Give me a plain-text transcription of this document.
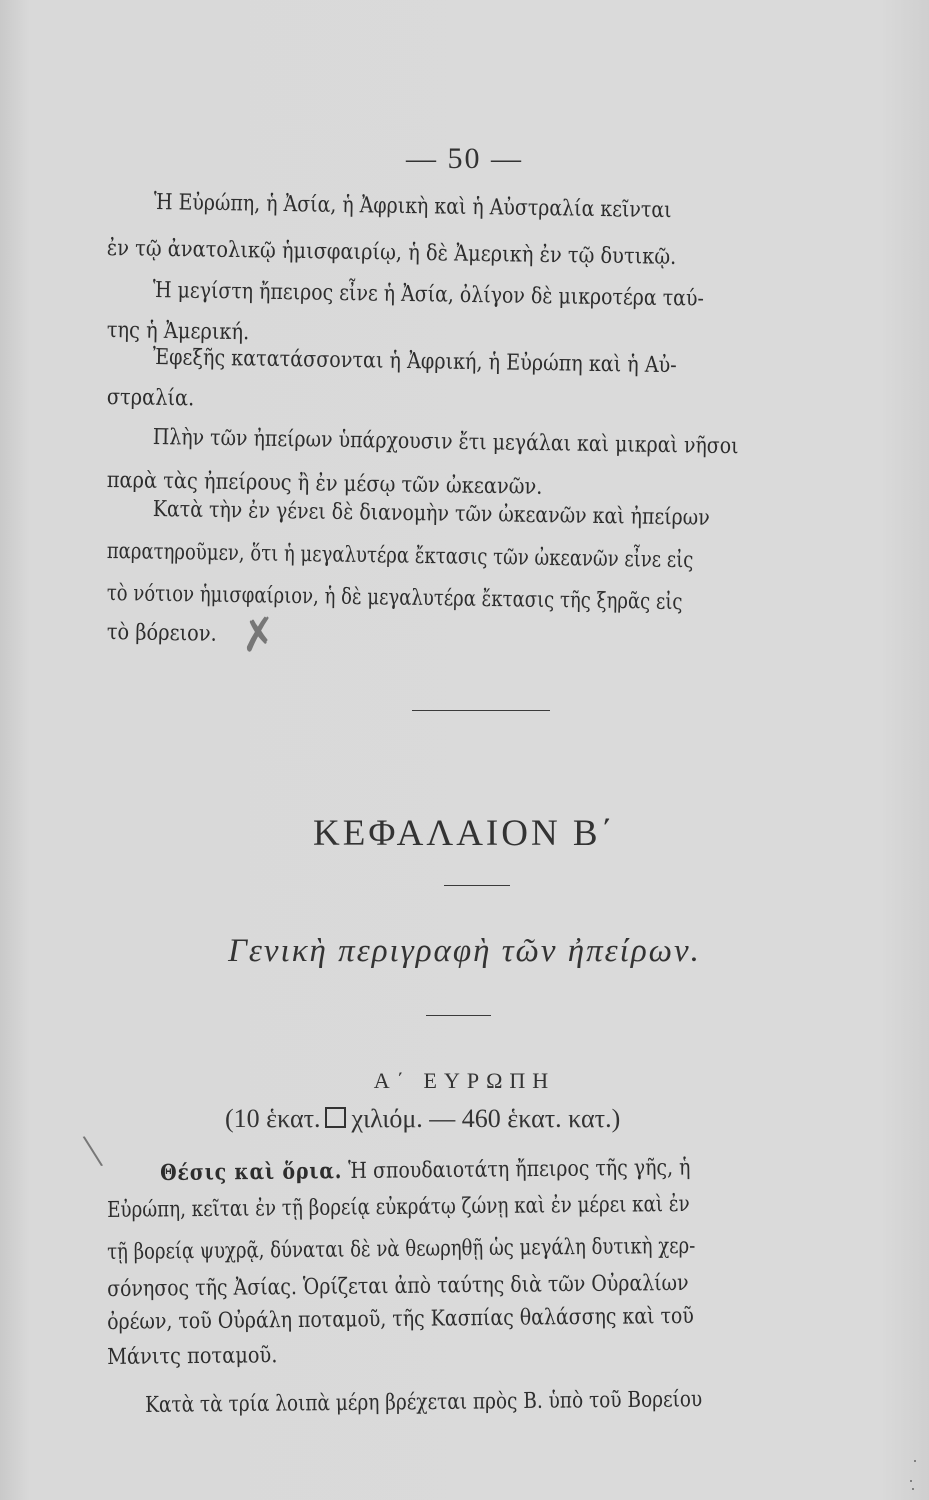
— 50 —
Ἡ Εὐρώπη, ἡ Ἀσία, ἡ Ἀφρικὴ καὶ ἡ Αὐστραλία κεῖνται
ἐν τῷ ἀνατολικῷ ἡμισφαιρίῳ, ἡ δὲ Ἀμερικὴ ἐν τῷ δυτικῷ.
Ἡ μεγίστη ἤπειρος εἶνε ἡ Ἀσία, ὀλίγον δὲ μικροτέρα ταύ-
της ἡ Ἀμερική.
Ἐφεξῆς κατατάσσονται ἡ Ἀφρική, ἡ Εὐρώπη καὶ ἡ Αὐ-
στραλία.
Πλὴν τῶν ἠπείρων ὑπάρχουσιν ἔτι μεγάλαι καὶ μικραὶ νῆσοι
παρὰ τὰς ἠπείρους ἢ ἐν μέσῳ τῶν ὠκεανῶν.
Κατὰ τὴν ἐν γένει δὲ διανομὴν τῶν ὠκεανῶν καὶ ἠπείρων
παρατηροῦμεν, ὅτι ἡ μεγαλυτέρα ἔκτασις τῶν ὠκεανῶν εἶνε εἰς
τὸ νότιον ἡμισφαίριον, ἡ δὲ μεγαλυτέρα ἔκτασις τῆς ξηρᾶς εἰς
τὸ βόρειον. ✗
ΚΕΦΑΛΑΙΟΝ Β΄
Γενικὴ περιγραφὴ τῶν ἠπείρων.
Α΄ ΕΥΡΩΠΗ
(10 ἑκατ. χιλιόμ. — 460 ἑκατ. κατ.)
\ Θέσις καὶ ὅρια. Ἡ σπουδαιοτάτη ἤπειρος τῆς γῆς, ἡ
Εὐρώπη, κεῖται ἐν τῇ βορείᾳ εὐκράτῳ ζώνῃ καὶ ἐν μέρει καὶ ἐν
τῇ βορείᾳ ψυχρᾷ, δύναται δὲ νὰ θεωρηθῇ ὡς μεγάλη δυτικὴ χερ-
σόνησος τῆς Ἀσίας. Ὁρίζεται ἀπὸ ταύτης διὰ τῶν Οὐραλίων
ὀρέων, τοῦ Οὐράλη ποταμοῦ, τῆς Κασπίας θαλάσσης καὶ τοῦ
Μάνιτς ποταμοῦ.
Κατὰ τὰ τρία λοιπὰ μέρη βρέχεται πρὸς Β. ὑπὸ τοῦ Βορείου
